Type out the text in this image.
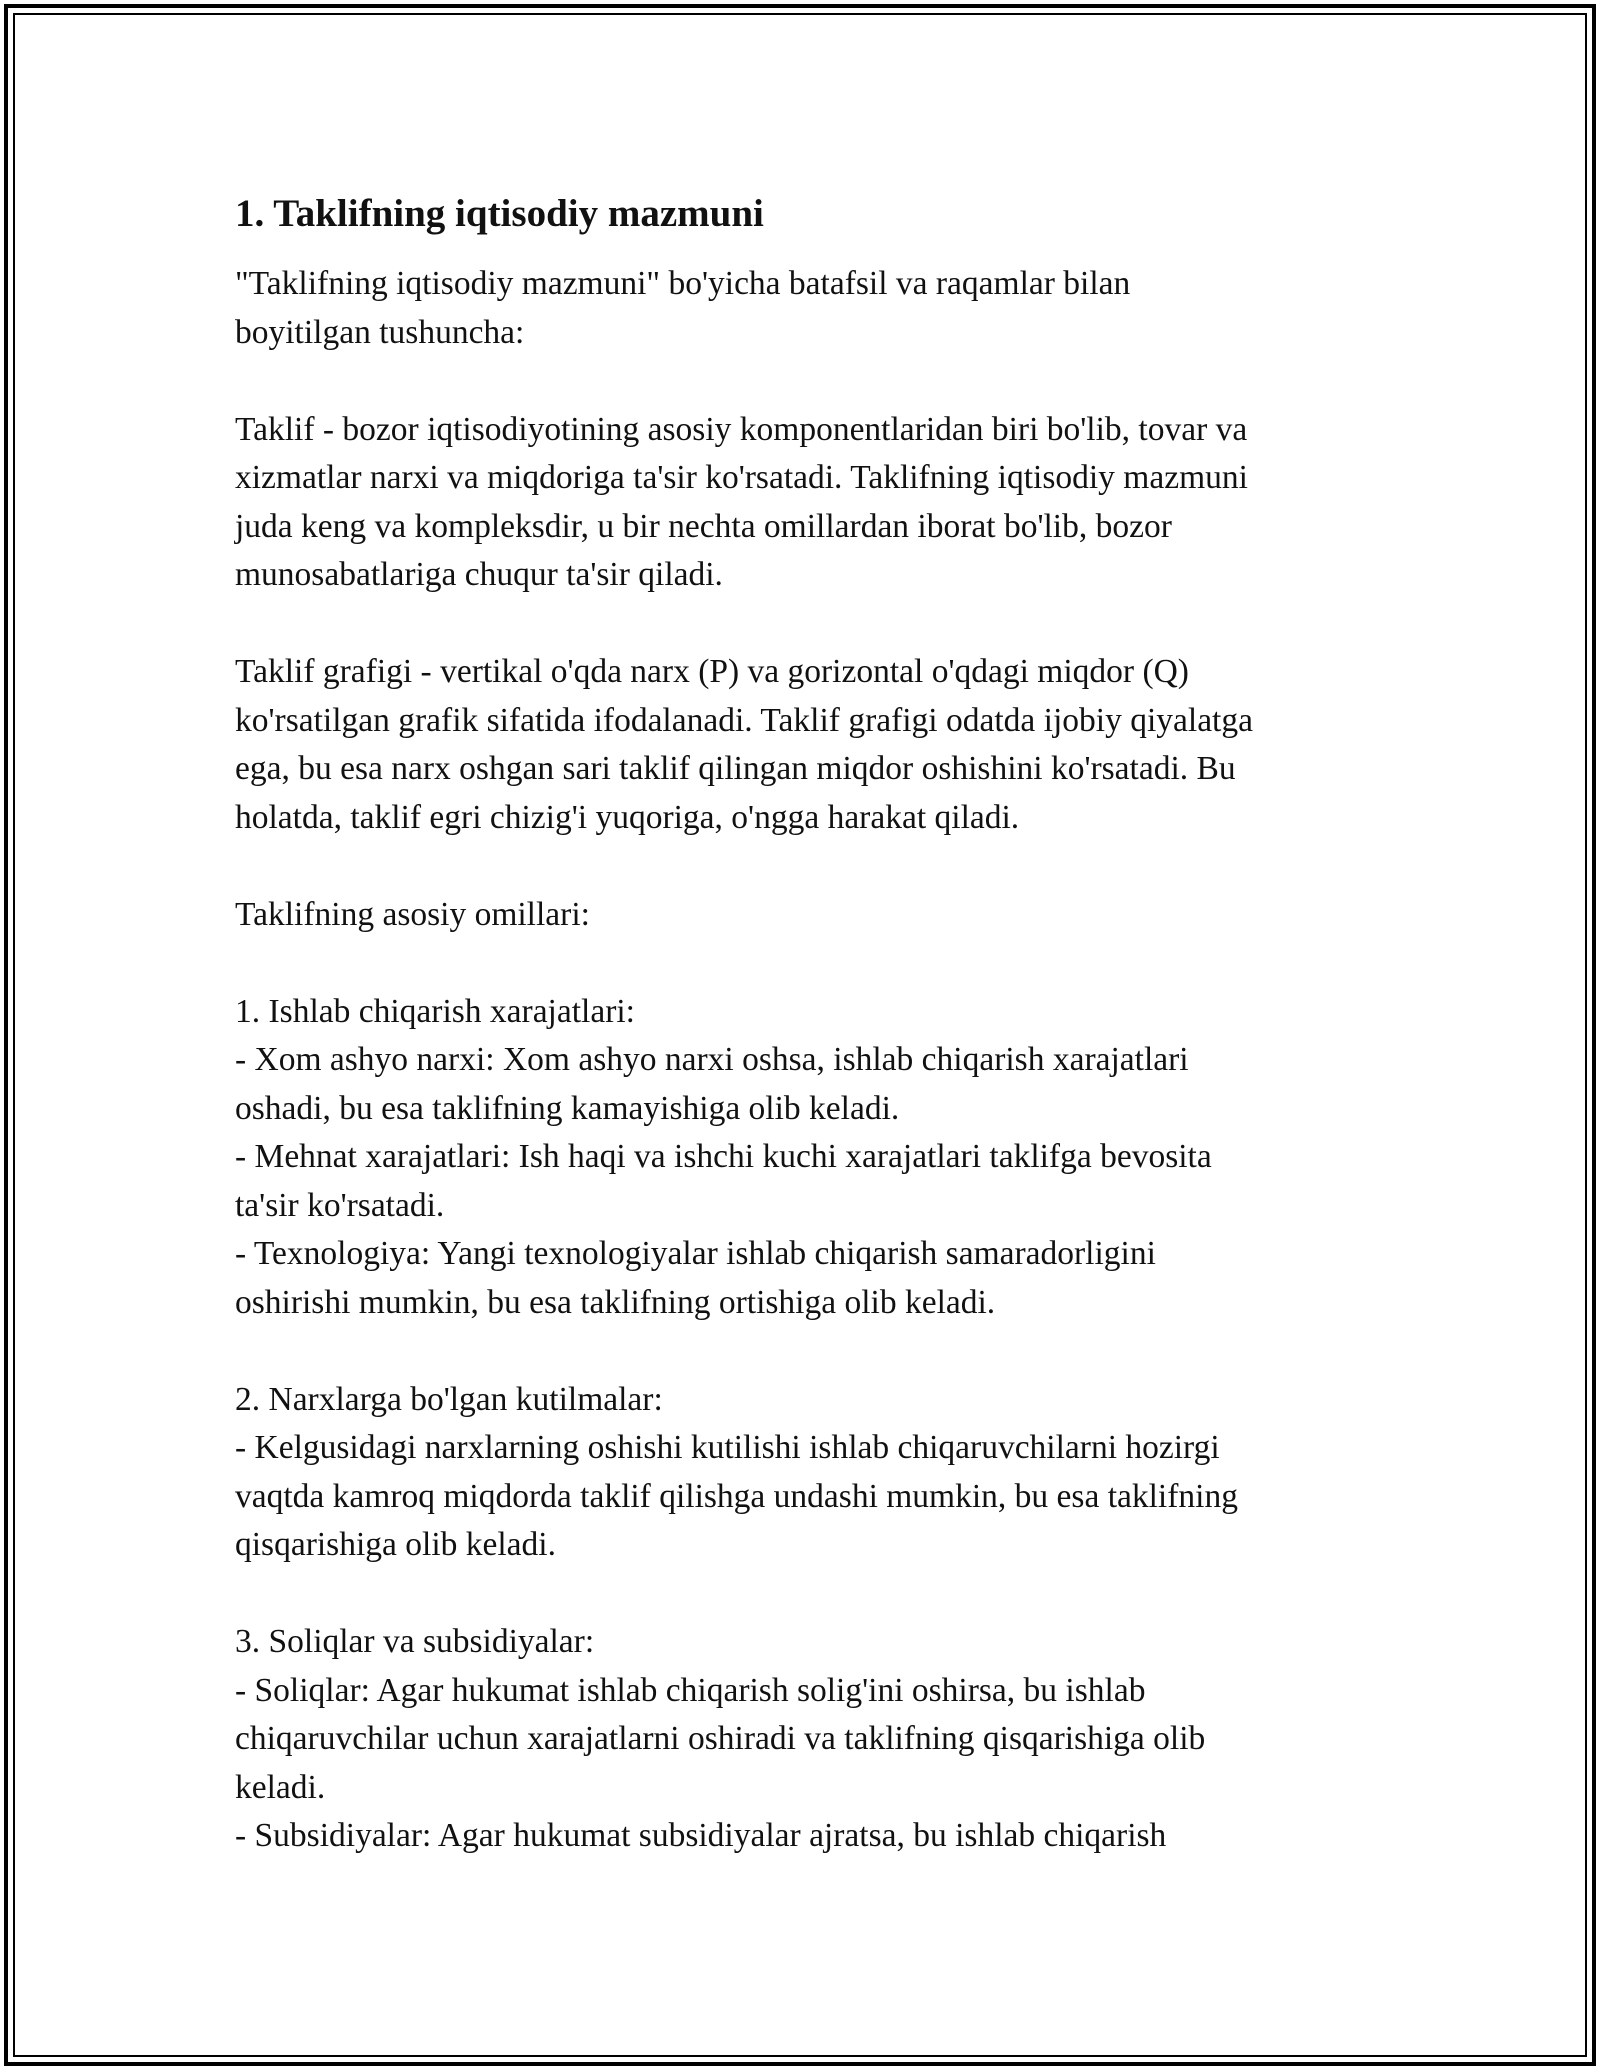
1. Taklifning iqtisodiy mazmuni

"Taklifning iqtisodiy mazmuni" bo'yicha batafsil va raqamlar bilan
boyitilgan tushuncha:

Taklif - bozor iqtisodiyotining asosiy komponentlaridan biri bo'lib, tovar va
xizmatlar narxi va miqdoriga ta'sir ko'rsatadi. Taklifning iqtisodiy mazmuni
juda keng va kompleksdir, u bir nechta omillardan iborat bo'lib, bozor
munosabatlariga chuqur ta'sir qiladi.

Taklif grafigi - vertikal o'qda narx (P) va gorizontal o'qdagi miqdor (Q)
ko'rsatilgan grafik sifatida ifodalanadi. Taklif grafigi odatda ijobiy qiyalatga
ega, bu esa narx oshgan sari taklif qilingan miqdor oshishini ko'rsatadi. Bu
holatda, taklif egri chizig'i yuqoriga, o'ngga harakat qiladi.

Taklifning asosiy omillari:

1. Ishlab chiqarish xarajatlari:
- Xom ashyo narxi: Xom ashyo narxi oshsa, ishlab chiqarish xarajatlari
oshadi, bu esa taklifning kamayishiga olib keladi.
- Mehnat xarajatlari: Ish haqi va ishchi kuchi xarajatlari taklifga bevosita
ta'sir ko'rsatadi.
- Texnologiya: Yangi texnologiyalar ishlab chiqarish samaradorligini
oshirishi mumkin, bu esa taklifning ortishiga olib keladi.

2. Narxlarga bo'lgan kutilmalar:
- Kelgusidagi narxlarning oshishi kutilishi ishlab chiqaruvchilarni hozirgi
vaqtda kamroq miqdorda taklif qilishga undashi mumkin, bu esa taklifning
qisqarishiga olib keladi.

3. Soliqlar va subsidiyalar:
- Soliqlar: Agar hukumat ishlab chiqarish solig'ini oshirsa, bu ishlab
chiqaruvchilar uchun xarajatlarni oshiradi va taklifning qisqarishiga olib
keladi.
- Subsidiyalar: Agar hukumat subsidiyalar ajratsa, bu ishlab chiqarish
